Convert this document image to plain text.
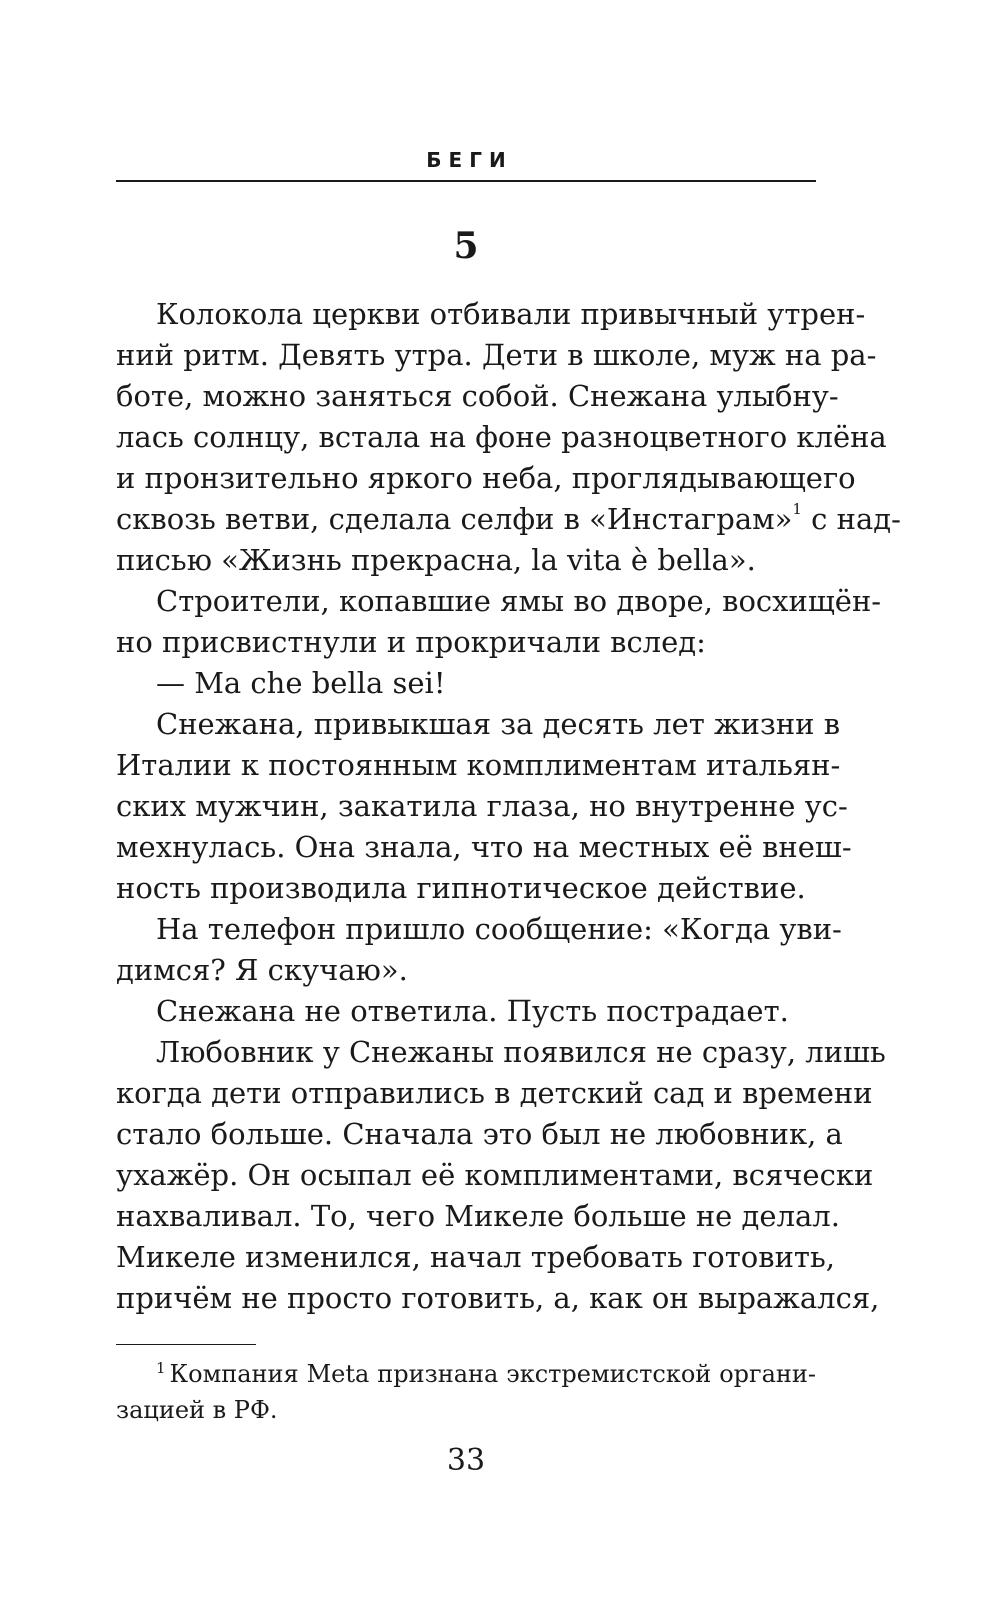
БЕГИ
5
Колокола церкви отбивали привычный утрен-
ний ритм. Девять утра. Дети в школе, муж на ра-
боте, можно заняться собой. Снежана улыбну-
лась солнцу, встала на фоне разноцветного клёна
и пронзительно яркого неба, проглядывающего
сквозь ветви, сделала селфи в «Инстаграм»$^1$ с над-
писью «Жизнь прекрасна, la vita è bella».
Строители, копавшие ямы во дворе, восхищён-
но присвистнули и прокричали вслед:
— Ma che bella sei!
Снежана, привыкшая за десять лет жизни в
Италии к постоянным комплиментам итальян-
ских мужчин, закатила глаза, но внутренне ус-
мехнулась. Она знала, что на местных её внеш-
ность производила гипнотическое действие.
На телефон пришло сообщение: «Когда уви-
димся? Я скучаю».
Снежана не ответила. Пусть пострадает.
Любовник у Снежаны появился не сразу, лишь
когда дети отправились в детский сад и времени
стало больше. Сначала это был не любовник, а
ухажёр. Он осыпал её комплиментами, всячески
нахваливал. То, чего Микеле больше не делал.
Микеле изменился, начал требовать готовить,
причём не просто готовить, а, как он выражался,
$^1$ Компания Meta признана экстремистской органи-
зацией в РФ.
33
